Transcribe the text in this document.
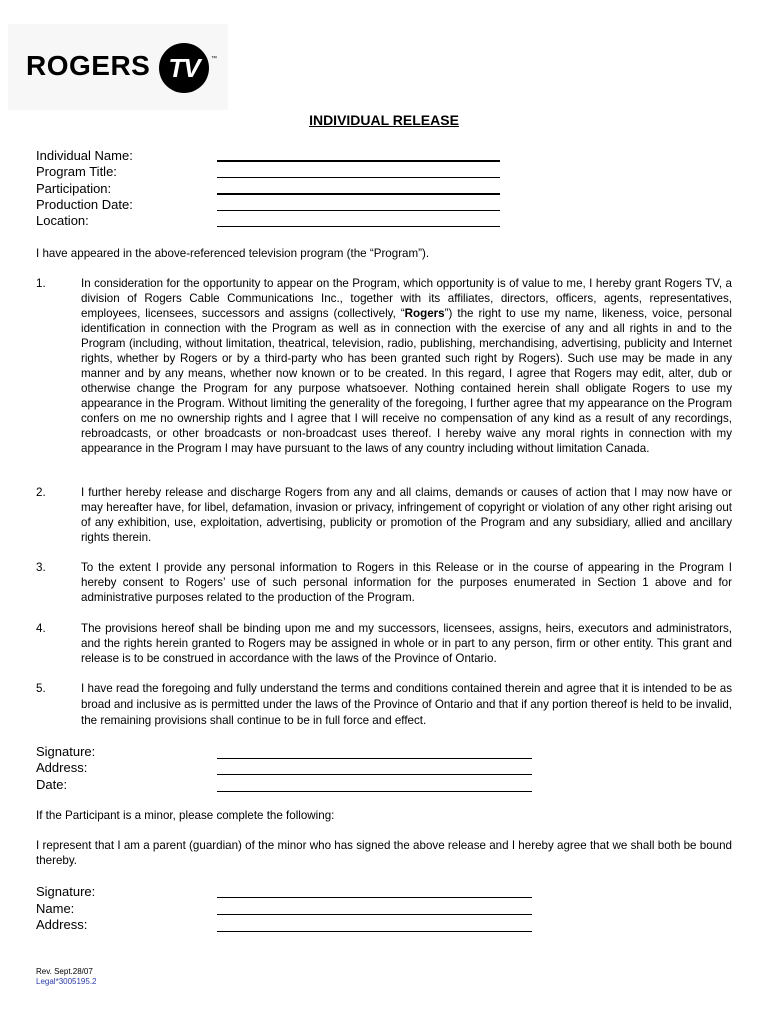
ROGERS TV	™
INDIVIDUAL RELEASE
Individual Name:
Program Title:
Participation:
Production Date:
Location:
I have appeared in the above-referenced television program (the “Program”).
1.	In consideration for the opportunity to appear on the Program, which opportunity is of value to me, I hereby grant Rogers TV, a division of Rogers Cable Communications Inc., together with its affiliates, directors, officers, agents, representatives, employees, licensees, successors and assigns (collectively, “Rogers”) the right to use my name, likeness, voice, personal identification in connection with the Program as well as in connection with the exercise of any and all rights in and to the Program (including, without limitation, theatrical, television, radio, publishing, merchandising, advertising, publicity and Internet rights, whether by Rogers or by a third-party who has been granted such right by Rogers). Such use may be made in any manner and by any means, whether now known or to be created. In this regard, I agree that Rogers may edit, alter, dub or otherwise change the Program for any purpose whatsoever. Nothing contained herein shall obligate Rogers to use my appearance in the Program. Without limiting the generality of the foregoing, I further agree that my appearance on the Program confers on me no ownership rights and I agree that I will receive no compensation of any kind as a result of any recordings, rebroadcasts, or other broadcasts or non-broadcast uses thereof. I hereby waive any moral rights in connection with my appearance in the Program I may have pursuant to the laws of any country including without limitation Canada.
2.	I further hereby release and discharge Rogers from any and all claims, demands or causes of action that I may now have or may hereafter have, for libel, defamation, invasion or privacy, infringement of copyright or violation of any other right arising out of any exhibition, use, exploitation, advertising, publicity or promotion of the Program and any subsidiary, allied and ancillary rights therein.
3.	To the extent I provide any personal information to Rogers in this Release or in the course of appearing in the Program I hereby consent to Rogers’ use of such personal information for the purposes enumerated in Section 1 above and for administrative purposes related to the production of the Program.
4.	The provisions hereof shall be binding upon me and my successors, licensees, assigns, heirs, executors and administrators, and the rights herein granted to Rogers may be assigned in whole or in part to any person, firm or other entity. This grant and release is to be construed in accordance with the laws of the Province of Ontario.
5.	I have read the foregoing and fully understand the terms and conditions contained therein and agree that it is intended to be as broad and inclusive as is permitted under the laws of the Province of Ontario and that if any portion thereof is held to be invalid, the remaining provisions shall continue to be in full force and effect.
Signature:
Address:
Date:
If the Participant is a minor, please complete the following:
I represent that I am a parent (guardian) of the minor who has signed the above release and I hereby agree that we shall both be bound thereby.
Signature:
Name:
Address:
Rev. Sept.28/07
Legal*3005195.2
